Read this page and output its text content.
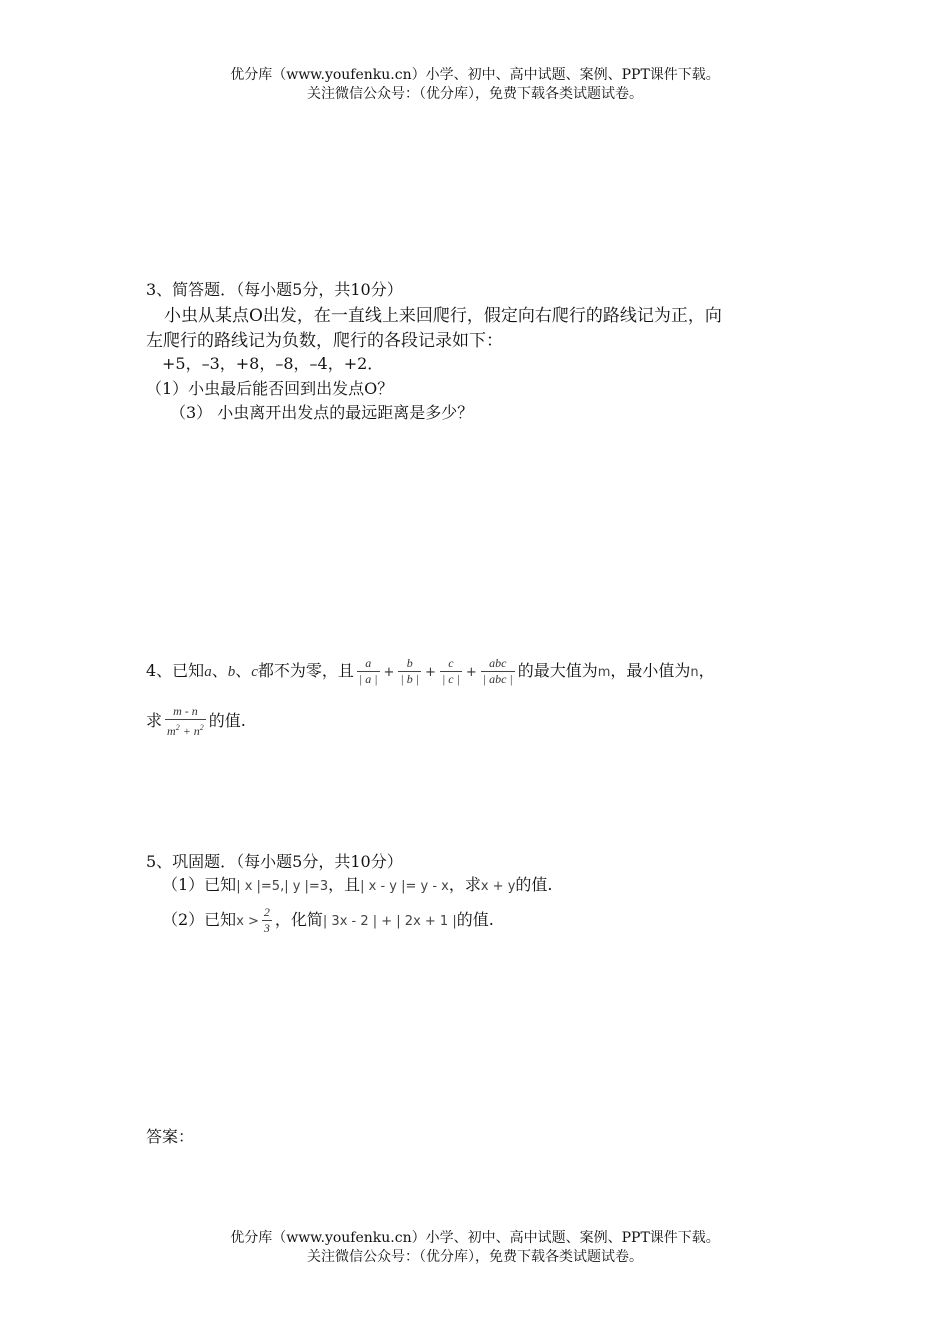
优分库（www.youfenku.cn）小学、初中、高中试题、案例、PPT课件下载。
关注微信公众号：（优分库），免费下载各类试题试卷。
3、简答题．（每小题5分，共10分）
小虫从某点O出发，在一直线上来回爬行，假定向右爬行的路线记为正，向
左爬行的路线记为负数，爬行的各段记录如下：
+5，–3，+8，–8，–4，+2．
（1）小虫最后能否回到出发点O？
（3） 小虫离开出发点的最远距离是多少？
4、已知a、b、c都不为零，且 $\frac{a}{| a |} + \frac{b}{| b |} + \frac{c}{| c |} + \frac{\text{abc}}{\text{| abc |}}$ 的最大值为m，最小值为n，
求 $\frac{m - n}{m^2 + n^2}$ 的值.
5、巩固题．（每小题5分，共10分）
（1）已知| x |=5,| y |=3，且| x - y |= y - x，求x + y的值.
（2）已知$x > \frac{2}{3}$ ，化简| 3x - 2 | + | 2x + 1 |的值.
答案：
优分库（www.youfenku.cn）小学、初中、高中试题、案例、PPT课件下载。
关注微信公众号：（优分库），免费下载各类试题试卷。
